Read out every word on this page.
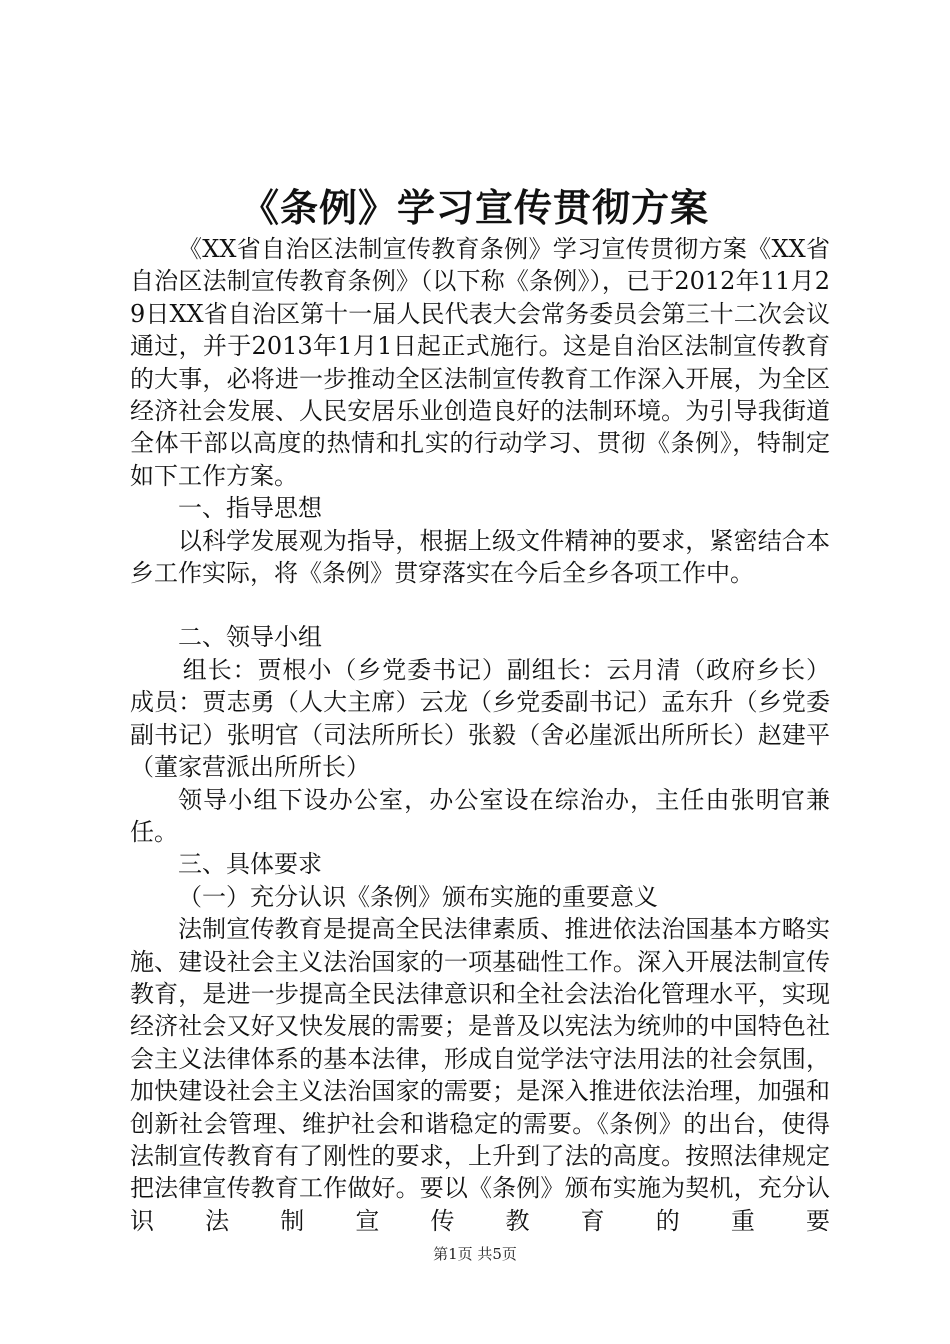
《条例》学习宣传贯彻方案

《XX省自治区法制宣传教育条例》学习宣传贯彻方案《XX省自治区法制宣传教育条例》（以下称《条例》），已于2012年11月29日XX省自治区第十一届人民代表大会常务委员会第三十二次会议通过，并于2013年1月1日起正式施行。这是自治区法制宣传教育的大事，必将进一步推动全区法制宣传教育工作深入开展，为全区经济社会发展、人民安居乐业创造良好的法制环境。为引导我街道全体干部以高度的热情和扎实的行动学习、贯彻《条例》，特制定如下工作方案。

一、指导思想

以科学发展观为指导，根据上级文件精神的要求，紧密结合本乡工作实际，将《条例》贯穿落实在今后全乡各项工作中。

二、领导小组

组长：贾根小（乡党委书记）副组长：云月清（政府乡长）成员：贾志勇（人大主席）云龙（乡党委副书记）孟东升（乡党委副书记）张明官（司法所所长）张毅（舍必崖派出所所长）赵建平（董家营派出所所长）

领导小组下设办公室，办公室设在综治办，主任由张明官兼任。

三、具体要求

（一）充分认识《条例》颁布实施的重要意义

法制宣传教育是提高全民法律素质、推进依法治国基本方略实施、建设社会主义法治国家的一项基础性工作。深入开展法制宣传教育，是进一步提高全民法律意识和全社会法治化管理水平，实现经济社会又好又快发展的需要；是普及以宪法为统帅的中国特色社会主义法律体系的基本法律，形成自觉学法守法用法的社会氛围，加快建设社会主义法治国家的需要；是深入推进依法治理，加强和创新社会管理、维护社会和谐稳定的需要。《条例》的出台，使得法制宣传教育有了刚性的要求，上升到了法的高度。按照法律规定把法律宣传教育工作做好。要以《条例》颁布实施为契机，充分认识法制宣传教育的重要

第1页 共5页
